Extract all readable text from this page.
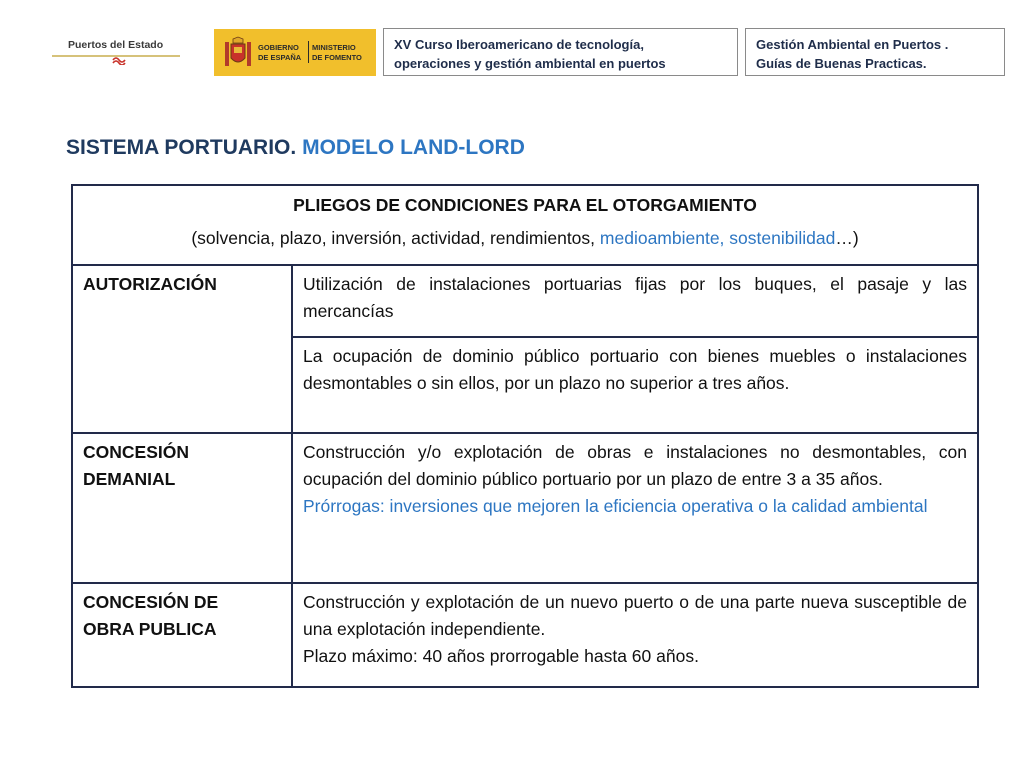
Puertos del Estado	GOBIERNO
DE ESPAÑA
MINISTERIO
DE FOMENTO
XV Curso Iberoamericano de tecnología,
operaciones y gestión ambiental en puertos
Gestión Ambiental en Puertos .
Guías de Buenas Practicas.
SISTEMA PORTUARIO. MODELO LAND-LORD
PLIEGOS DE CONDICIONES PARA EL OTORGAMIENTO
(solvencia, plazo, inversión, actividad, rendimientos, medioambiente, sostenibilidad…)	

AUTORIZACIÓN	Utilización de instalaciones portuarias fijas por los buques, el pasaje y las mercancías
	La ocupación de dominio público portuario con bienes muebles o instalaciones desmontables o sin ellos, por un plazo no superior a tres años.

CONCESIÓN
DEMANIAL	Construcción y/o explotación de obras e instalaciones no desmontables, con ocupación del dominio público portuario por un plazo de entre 3 a 35 años.
Prórrogas: inversiones que mejoren la eficiencia operativa o la calidad ambiental

CONCESIÓN DE
OBRA PUBLICA	Construcción y explotación de un nuevo puerto o de una parte nueva susceptible de una explotación independiente.
Plazo máximo: 40 años prorrogable hasta 60 años.
